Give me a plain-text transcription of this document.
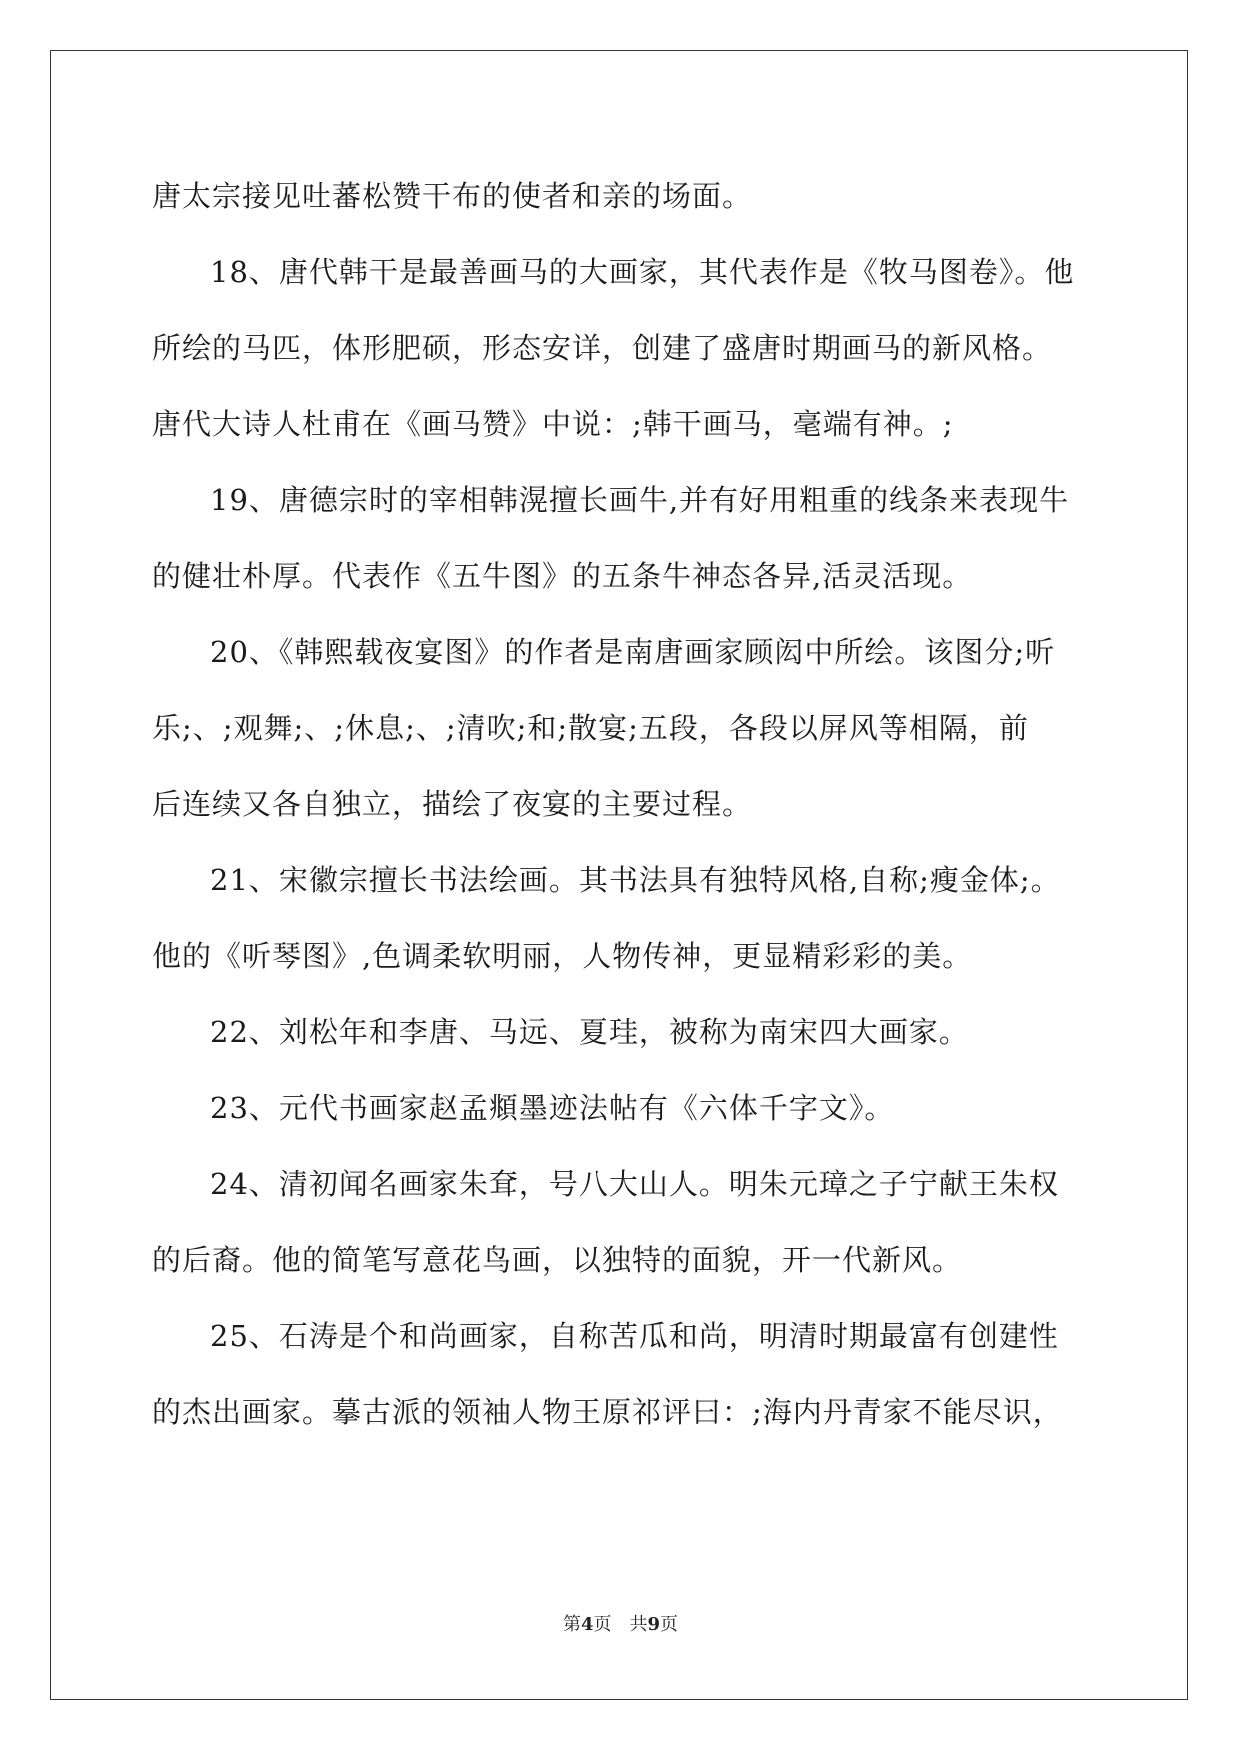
唐太宗接见吐蕃松赞干布的使者和亲的场面。
18、唐代韩干是最善画马的大画家，其代表作是《牧马图卷》。他
所绘的马匹，体形肥硕，形态安详，创建了盛唐时期画马的新风格。
唐代大诗人杜甫在《画马赞》中说：;韩干画马，毫端有神。;
19、唐德宗时的宰相韩滉擅长画牛,并有好用粗重的线条来表现牛
的健壮朴厚。代表作《五牛图》的五条牛神态各异,活灵活现。
20、《韩熙载夜宴图》的作者是南唐画家顾闳中所绘。该图分;听
乐;、;观舞;、;休息;、;清吹;和;散宴;五段，各段以屏风等相隔，前
后连续又各自独立，描绘了夜宴的主要过程。
21、宋徽宗擅长书法绘画。其书法具有独特风格,自称;瘦金体;。
他的《听琴图》,色调柔软明丽，人物传神，更显精彩彩的美。
22、刘松年和李唐、马远、夏珪，被称为南宋四大画家。
23、元代书画家赵孟頫墨迹法帖有《六体千字文》。
24、清初闻名画家朱耷，号八大山人。明朱元璋之子宁献王朱权
的后裔。他的简笔写意花鸟画，以独特的面貌，开一代新风。
25、石涛是个和尚画家，自称苦瓜和尚，明清时期最富有创建性
的杰出画家。摹古派的领袖人物王原祁评曰：;海内丹青家不能尽识，
第4页 共9页
